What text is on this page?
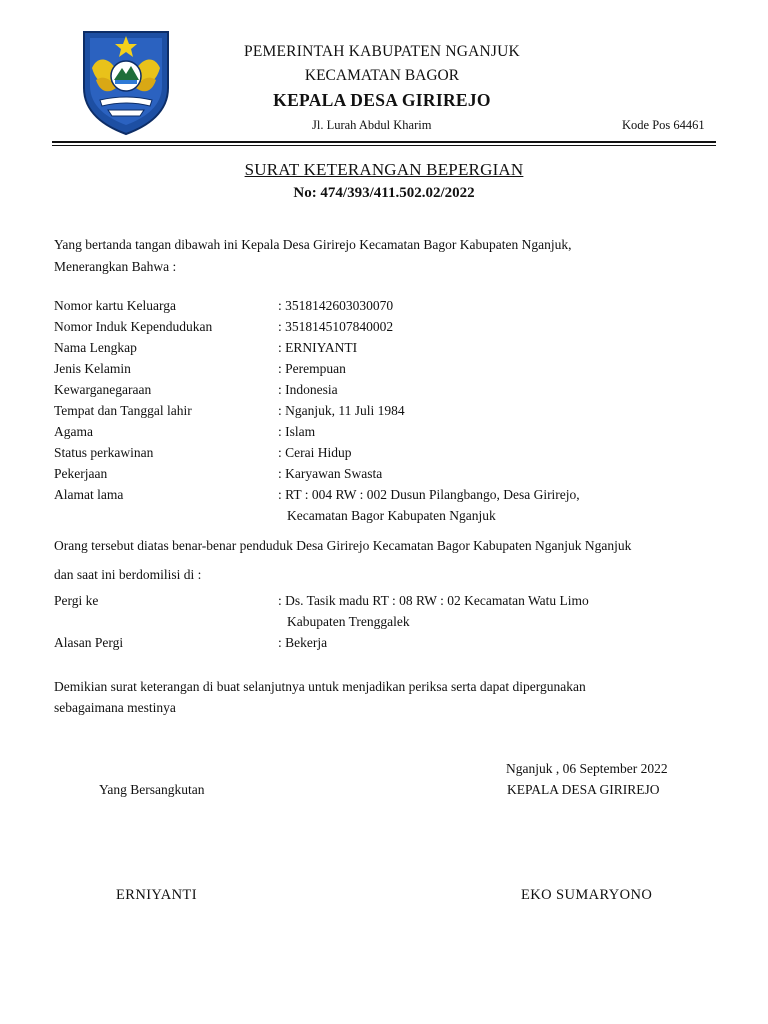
PEMERINTAH KABUPATEN NGANJUK
KECAMATAN BAGOR
KEPALA DESA GIRIREJO
Jl. Lurah Abdul Kharim	Kode Pos 64461
SURAT KETERANGAN BEPERGIAN
No: 474/393/411.502.02/2022
Yang bertanda tangan dibawah ini Kepala Desa Girirejo Kecamatan Bagor Kabupaten Nganjuk,
Menerangkan Bahwa :
Nomor kartu Keluarga	: 3518142603030070
Nomor Induk Kependudukan	: 3518145107840002
Nama Lengkap	: ERNIYANTI
Jenis Kelamin	: Perempuan
Kewarganegaraan	: Indonesia
Tempat dan Tanggal lahir	: Nganjuk, 11 Juli 1984
Agama	: Islam
Status perkawinan	: Cerai Hidup
Pekerjaan	: Karyawan Swasta
Alamat lama	: RT : 004 RW : 002 Dusun Pilangbango, Desa Girirejo,
Kecamatan Bagor Kabupaten Nganjuk
Orang tersebut diatas benar-benar penduduk Desa Girirejo Kecamatan Bagor Kabupaten Nganjuk Nganjuk
dan saat ini berdomilisi di :
Pergi ke	: Ds. Tasik madu RT : 08 RW : 02 Kecamatan Watu Limo
Kabupaten Trenggalek
Alasan Pergi	: Bekerja
Demikian surat keterangan di buat selanjutnya untuk menjadikan periksa serta dapat dipergunakan
sebagaimana mestinya
Nganjuk , 06 September 2022
Yang Bersangkutan	KEPALA DESA GIRIREJO
ERNIYANTI	EKO SUMARYONO
